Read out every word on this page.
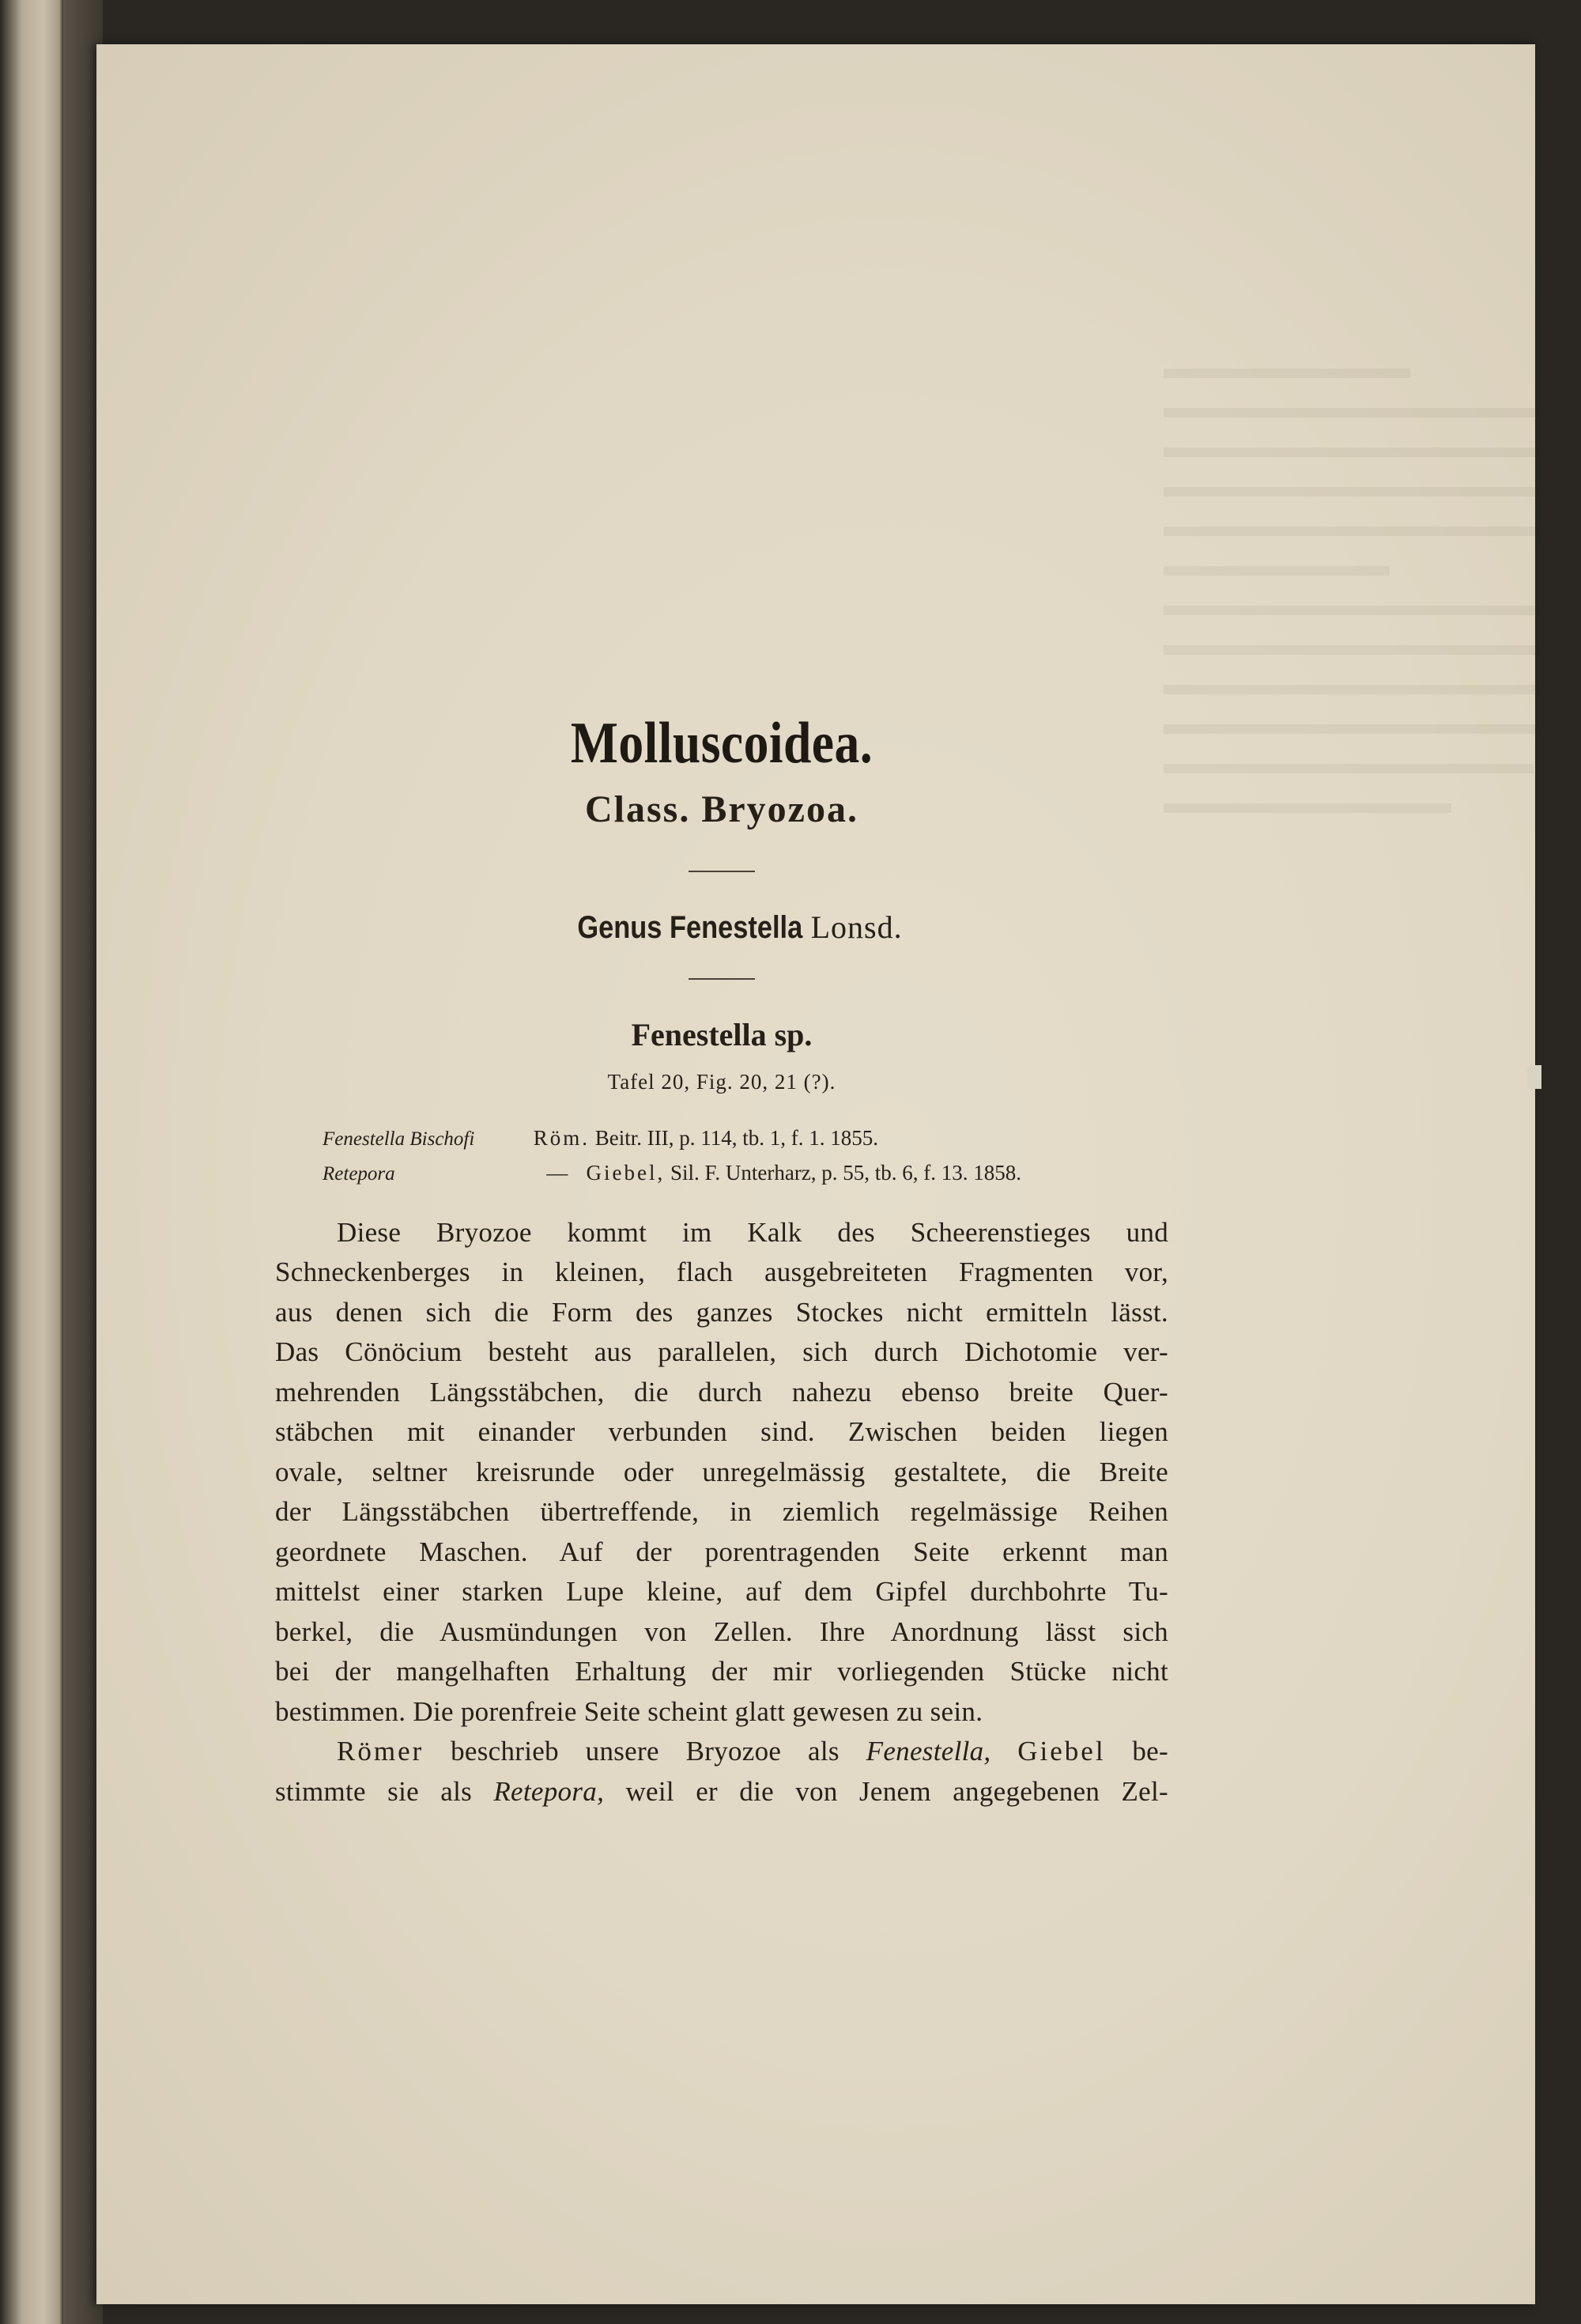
Molluscoidea.
Class. Bryozoa.
Genus Fenestella Lonsd.
Fenestella sp.
Tafel 20, Fig. 20, 21 (?).
Fenestella Bischofi	Röm. Beitr. III, p. 114, tb. 1, f. 1. 1855.
Retepora	— Giebel, Sil. F. Unterharz, p. 55, tb. 6, f. 13. 1858.

Diese Bryozoe kommt im Kalk des Scheerenstieges und
Schneckenberges in kleinen, flach ausgebreiteten Fragmenten vor,
aus denen sich die Form des ganzes Stockes nicht ermitteln lässt.
Das Cönöcium besteht aus parallelen, sich durch Dichotomie ver-
mehrenden Längsstäbchen, die durch nahezu ebenso breite Quer-
stäbchen mit einander verbunden sind. Zwischen beiden liegen
ovale, seltner kreisrunde oder unregelmässig gestaltete, die Breite
der Längsstäbchen übertreffende, in ziemlich regelmässige Reihen
geordnete Maschen. Auf der porentragenden Seite erkennt man
mittelst einer starken Lupe kleine, auf dem Gipfel durchbohrte Tu-
berkel, die Ausmündungen von Zellen. Ihre Anordnung lässt sich
bei der mangelhaften Erhaltung der mir vorliegenden Stücke nicht
bestimmen. Die porenfreie Seite scheint glatt gewesen zu sein.

Römer beschrieb unsere Bryozoe als Fenestella, Giebel be-
stimmte sie als Retepora, weil er die von Jenem angegebenen Zel-
